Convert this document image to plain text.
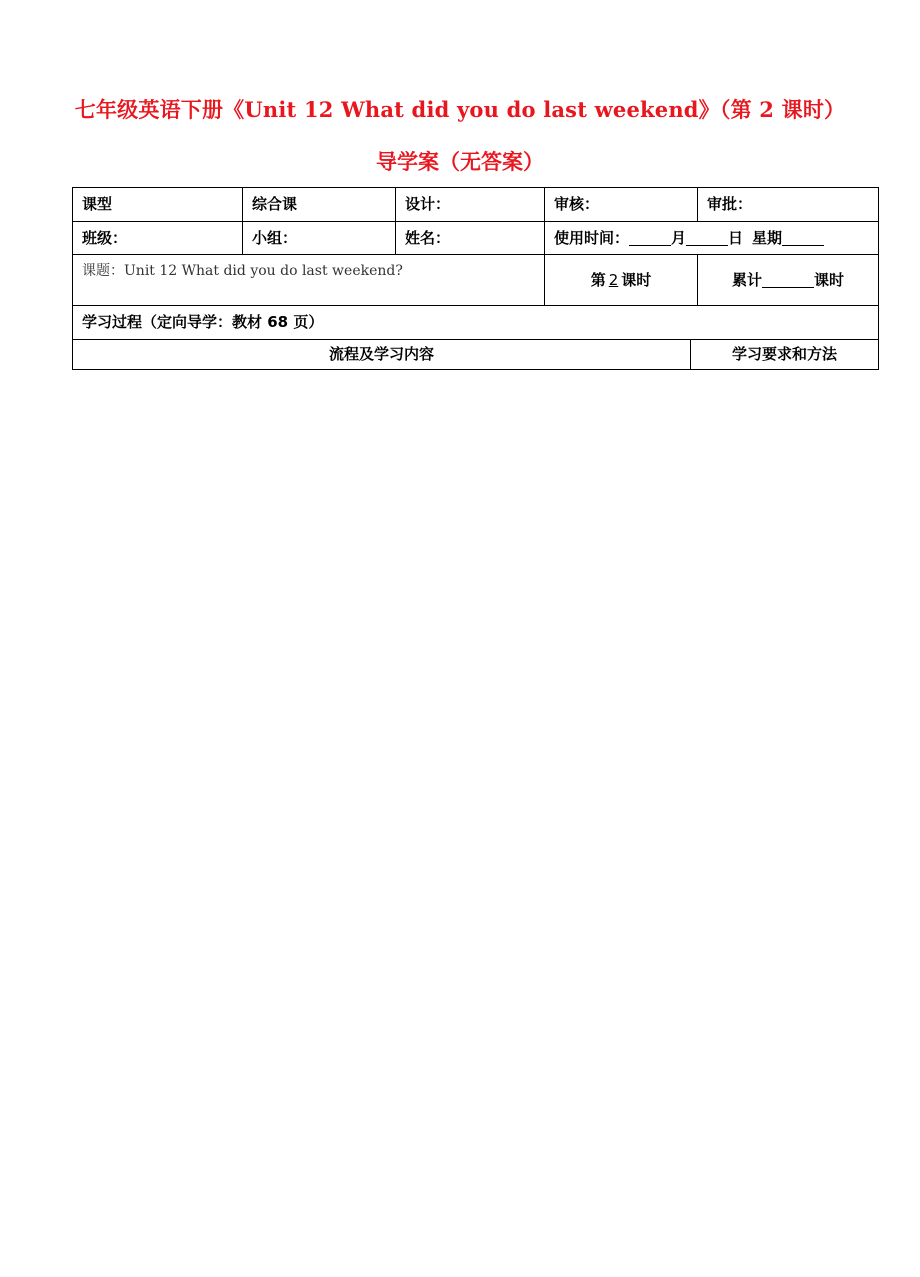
七年级英语下册《Unit 12 What did you do last weekend》（第 2 课时）
导学案（无答案）
课型	综合课	设计：	审核：	审批：
班级：	小组：	姓名：	使用时间：	月	日 星期
课题：Unit 12 What did you do last weekend?	第 2 课时	累计	课时
学习过程（定向导学：教材 68 页）
流程及学习内容	学习要求和方法
